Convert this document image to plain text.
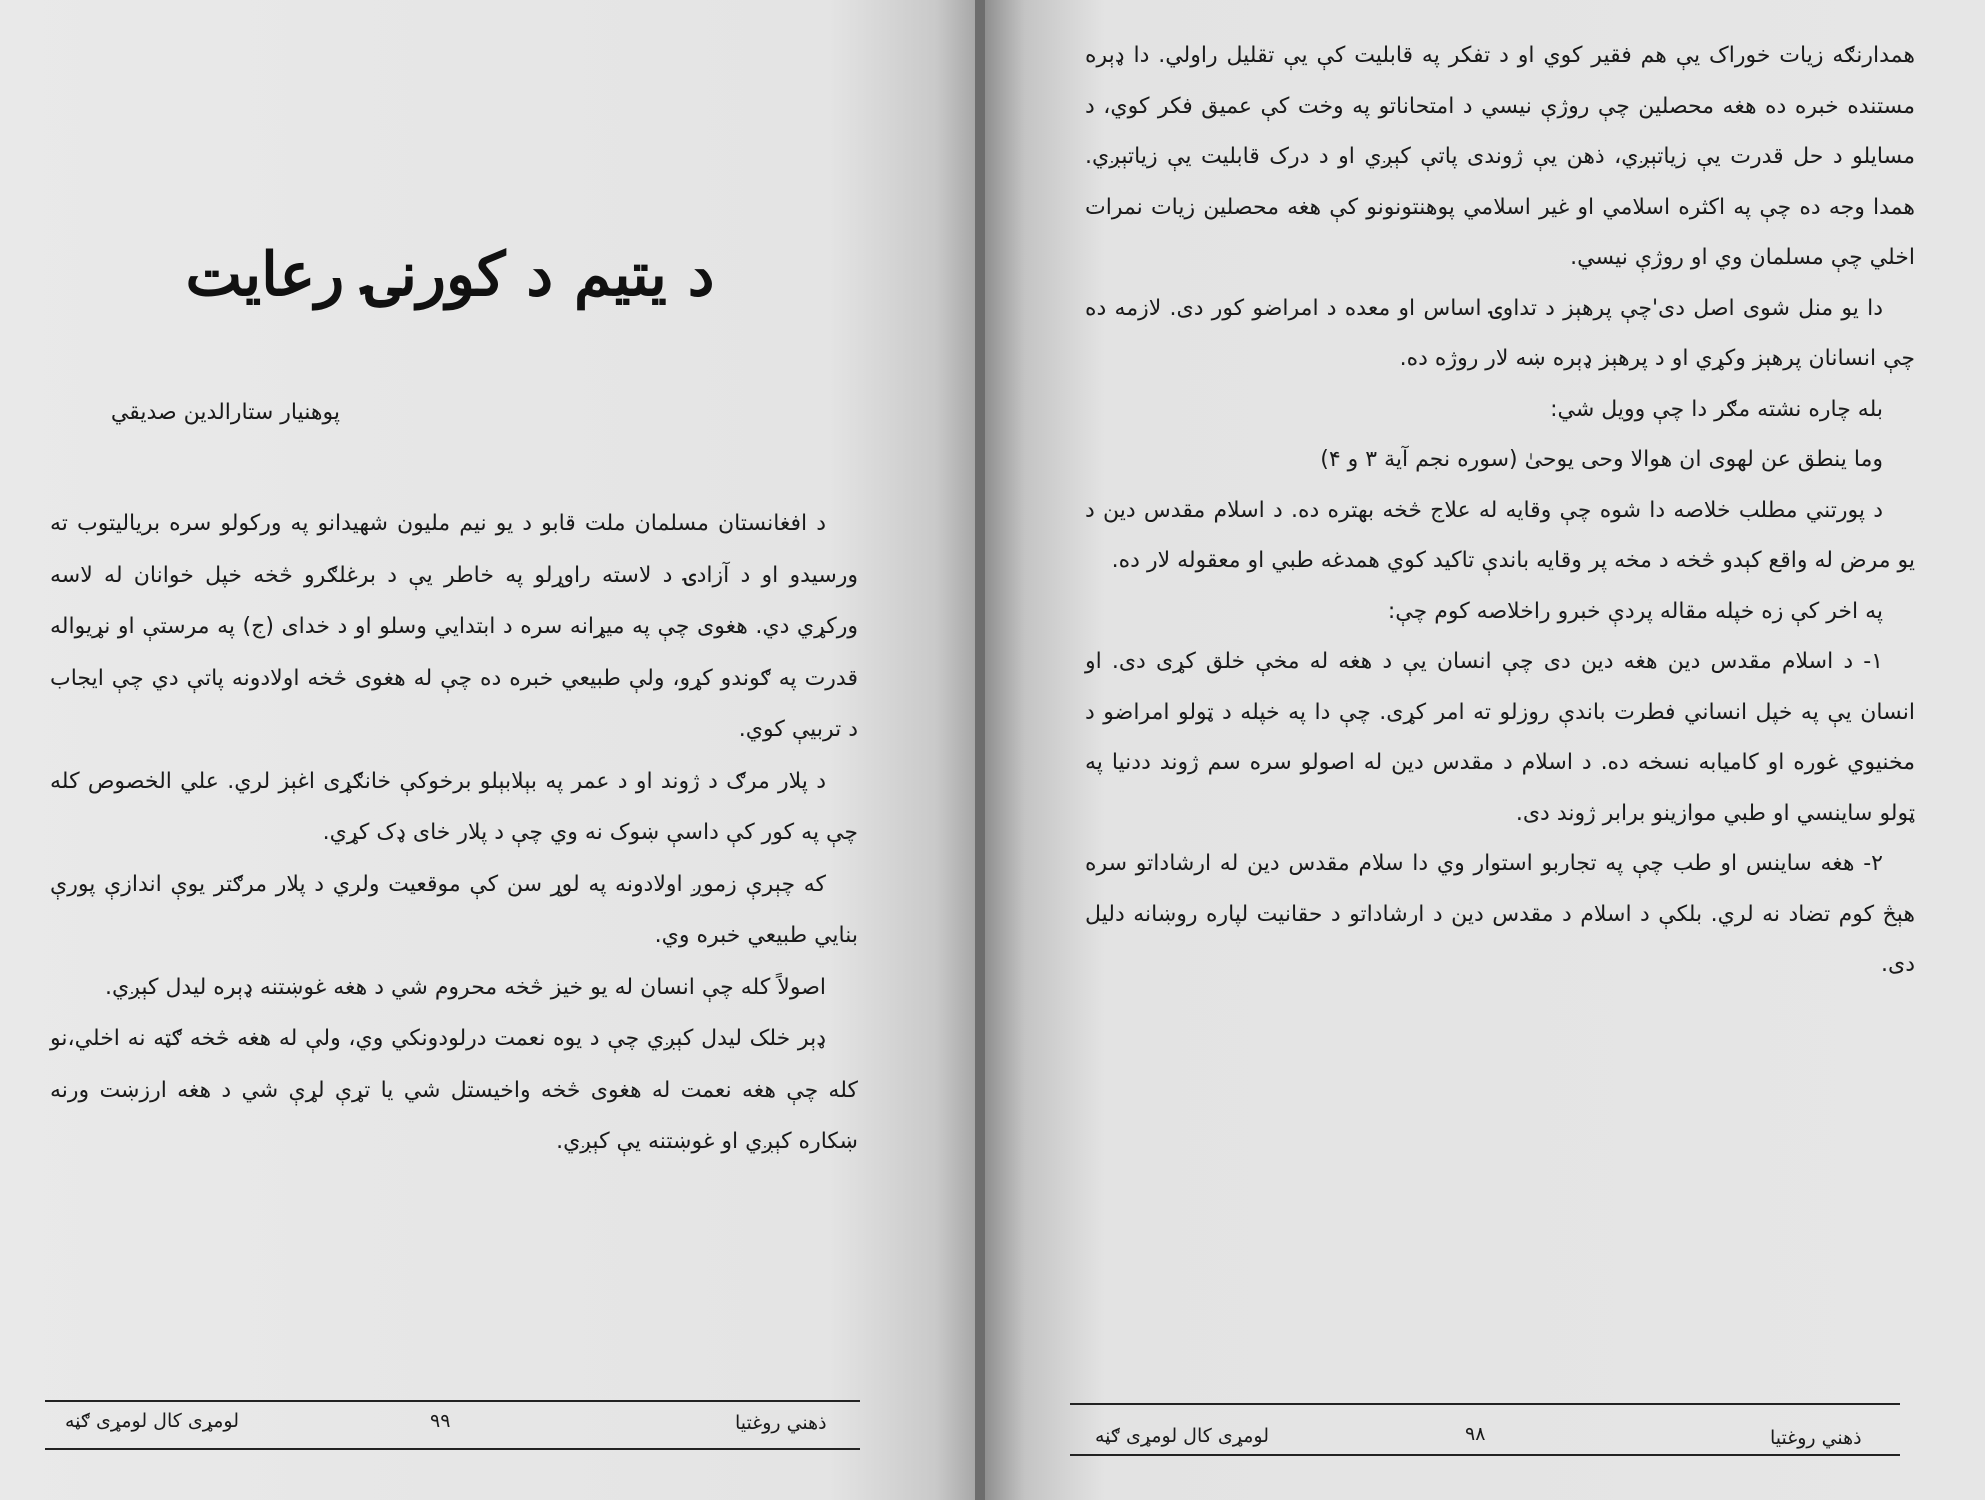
د یتیم د کورنۍ رعایت
پوهنیار ستارالدین صدیقي

د افغانستان مسلمان ملت قابو د یو نیم ملیون شهیدانو په ورکولو سره بریالیتوب ته ورسیدو او د آزادۍ د لاسته راوړلو په خاطر یې د برغلګرو څخه خپل خوانان له لاسه ورکړي دي. هغوی چې په میړانه سره د ابتدایي وسلو او د خدای (ج) په مرستې او نړیواله قدرت په ګوندو کړو، ولې طبیعي خبره ده چې له هغوی څخه اولادونه پاتې دي چې ایجاب د تربیې کوي.

د پلار مرګ د ژوند او د عمر په بېلابېلو برخوکې خانګړی اغېز لري. علي الخصوص کله چې په کور کې داسې ښوک نه وي چې د پلار خای ډک کړي.

که چېرې زموږ اولادونه په لوړ سن کې موقعیت ولري د پلار مرګتر یوې اندازې پورې بنایي طبیعي خبره وي.

اصولاً کله چې انسان له یو خیز څخه محروم شي د هغه غوښتنه ډېره لیدل کېږي.

ډېر خلک لیدل کېږي چې د یوه نعمت درلودونکي وي، ولې له هغه څخه ګټه نه اخلي،نو کله چې هغه نعمت له هغوی څخه واخیستل شي یا تړې لړې شي د هغه ارزښت ورنه ښکاره کېږي او غوښتنه یې کېږي.

لومړی کال لومړی ګڼه	۹۹	ذهني روغتیا
لومړی کال لومړی ګڼه	۹۸	ذهني روغتیا

همدارنګه زیات خوراک یې هم فقیر کوي او د تفکر په قابلیت کې یې تقلیل راولي. دا ډېره مستنده خبره ده هغه محصلین چې روژې نیسي د امتحاناتو په وخت کې عمیق فکر کوي، د مسایلو د حل قدرت یې زیاتېږي، ذهن یې ژوندی پاتې کېږي او د درک قابلیت یې زیاتېږي. همدا وجه ده چې په اکثره اسلامي او غیر اسلامي پوهنتونونو کې هغه محصلین زیات نمرات اخلي چې مسلمان وي او روژې نیسي.

دا یو منل شوی اصل دی'چې پرهېز د تداوۍ اساس او معده د امراضو کور دی. لازمه ده چې انسانان پرهېز وکړي او د پرهېز ډېره ښه لار روژه ده.

بله چاره نشته مګر دا چې وویل شي:

وما ینطق عن لهوی ان هوالا وحی یوحیٰ (سوره نجم آیة ۳ و ۴)

د پورتني مطلب خلاصه دا شوه چې وقایه له علاج څخه بهتره ده. د اسلام مقدس دین د یو مرض له واقع کېدو څخه د مخه پر وقایه باندې تاکید کوي همدغه طبي او معقوله لار ده.

په اخر کې زه خپله مقاله پردې خبرو راخلاصه کوم چې:

۱- د اسلام مقدس دین هغه دین دی چې انسان یې د هغه له مخې خلق کړی دی. او انسان یې په خپل انساني فطرت باندې روزلو ته امر کړی. چې دا په خپله د ټولو امراضو د مخنیوي غوره او کامیابه نسخه ده. د اسلام د مقدس دین له اصولو سره سم ژوند ددنیا په ټولو ساینسي او طبي موازینو برابر ژوند دی.

۲- هغه ساینس او طب چې په تجاربو استوار وي دا سلام مقدس دین له ارشاداتو سره هېڅ کوم تضاد نه لري. بلکې د اسلام د مقدس دین د ارشاداتو د حقانیت لپاره روښانه دلیل دی.
